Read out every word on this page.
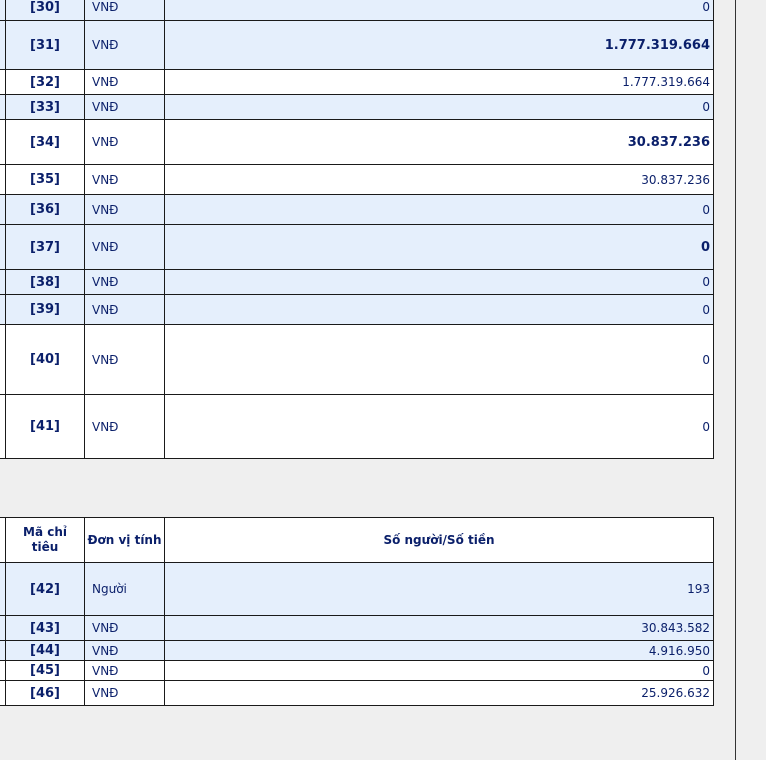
	[30]	VNĐ	0
	[31]	VNĐ	1.777.319.664
	[32]	VNĐ	1.777.319.664
	[33]	VNĐ	0
	[34]	VNĐ	30.837.236
	[35]	VNĐ	30.837.236
	[36]	VNĐ	0
	[37]	VNĐ	0
	[38]	VNĐ	0
	[39]	VNĐ	0
	[40]	VNĐ	0
	[41]	VNĐ	0
	Mã chỉ tiêu	Đơn vị tính	Số người/Số tiền
	[42]	Người	193
	[43]	VNĐ	30.843.582
	[44]	VNĐ	4.916.950
	[45]	VNĐ	0
	[46]	VNĐ	25.926.632
